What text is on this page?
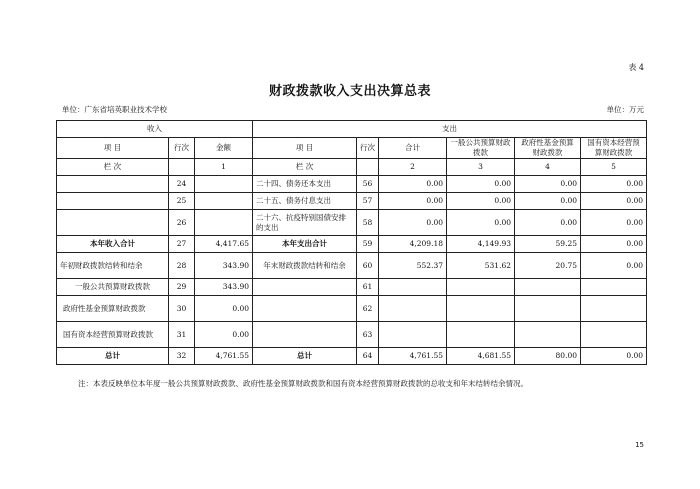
表 4
财政拨款收入支出决算总表
单位：广东省培英职业技术学校	单位：万元
收入			支出					
项 目	行次	金额	项 目	行次	合计	一般公共预算财政拨款	政府性基金预算财政拨款	国有资本经营预算财政拨款
栏 次		1	栏 次		2	3	4	5
	24		二十四、债务还本支出	56	0.00	0.00	0.00	0.00
	25		二十五、债务付息支出	57	0.00	0.00	0.00	0.00
	26		二十六、抗疫特别国债安排的支出	58	0.00	0.00	0.00	0.00
本年收入合计	27	4,417.65	本年支出合计	59	4,209.18	4,149.93	59.25	0.00
年初财政拨款结转和结余	28	343.90	年末财政拨款结转和结余	60	552.37	531.62	20.75	0.00
一般公共预算财政拨款	29	343.90		61				
政府性基金预算财政拨款	30	0.00		62				
国有资本经营预算财政拨款	31	0.00		63				
总计	32	4,761.55	总计	64	4,761.55	4,681.55	80.00	0.00
注：本表反映单位本年度一般公共预算财政拨款、政府性基金预算财政拨款和国有资本经营预算财政拨款的总收支和年末结转结余情况。
15
